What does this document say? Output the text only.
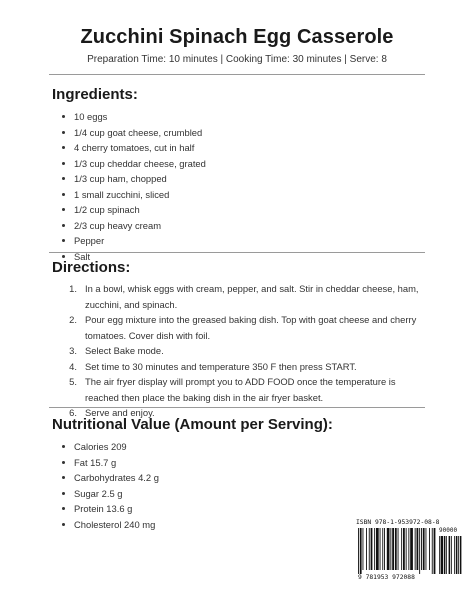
Zucchini Spinach Egg Casserole
Preparation Time: 10 minutes | Cooking Time: 30 minutes | Serve: 8
Ingredients:
10 eggs
1/4 cup goat cheese, crumbled
4 cherry tomatoes, cut in half
1/3 cup cheddar cheese, grated
1/3 cup ham, chopped
1 small zucchini, sliced
1/2 cup spinach
2/3 cup heavy cream
Pepper
Salt
Directions:
1. In a bowl, whisk eggs with cream, pepper, and salt. Stir in cheddar cheese, ham,
zucchini, and spinach.
2. Pour egg mixture into the greased baking dish. Top with goat cheese and cherry
tomatoes. Cover dish with foil.
3. Select Bake mode.
4. Set time to 30 minutes and temperature 350 F then press START.
5. The air fryer display will prompt you to ADD FOOD once the temperature is
reached then place the baking dish in the air fryer basket.
6. Serve and enjoy.
Nutritional Value (Amount per Serving):
Calories 209
Fat 15.7 g
Carbohydrates 4.2 g
Sugar 2.5 g
Protein 13.6 g
Cholesterol 240 mg	ISBN 978-1-953972-08-8
90000
9 781953 972088
